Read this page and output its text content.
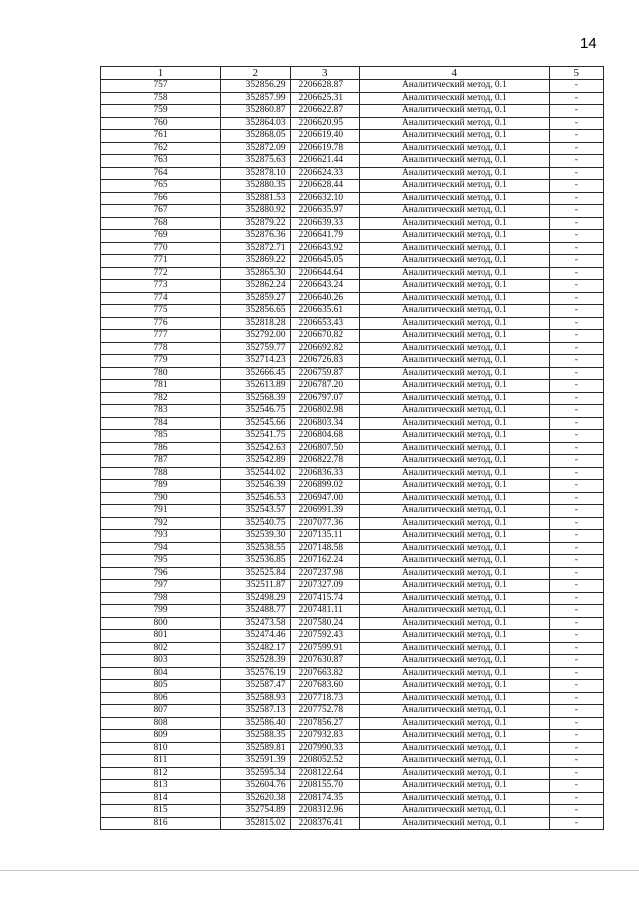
14
1	2	3	4	5
757	352856.29	2206628.87	Аналитический метод, 0.1	-
758	352857.99	2206625.31	Аналитический метод, 0.1	-
759	352860.87	2206622.87	Аналитический метод, 0.1	-
760	352864.03	2206620.95	Аналитический метод, 0.1	-
761	352868.05	2206619.40	Аналитический метод, 0.1	-
762	352872.09	2206619.78	Аналитический метод, 0.1	-
763	352875.63	2206621.44	Аналитический метод, 0.1	-
764	352878.10	2206624.33	Аналитический метод, 0.1	-
765	352880.35	2206628.44	Аналитический метод, 0.1	-
766	352881.53	2206632.10	Аналитический метод, 0.1	-
767	352880.92	2206635.97	Аналитический метод, 0.1	-
768	352879.22	2206639.33	Аналитический метод, 0.1	-
769	352876.36	2206641.79	Аналитический метод, 0.1	-
770	352872.71	2206643.92	Аналитический метод, 0.1	-
771	352869.22	2206645.05	Аналитический метод, 0.1	-
772	352865.30	2206644.64	Аналитический метод, 0.1	-
773	352862.24	2206643.24	Аналитический метод, 0.1	-
774	352859.27	2206640.26	Аналитический метод, 0.1	-
775	352856.65	2206635.61	Аналитический метод, 0.1	-
776	352818.28	2206653.43	Аналитический метод, 0.1	-
777	352792.00	2206670.82	Аналитический метод, 0.1	-
778	352759.77	2206692.82	Аналитический метод, 0.1	-
779	352714.23	2206726.83	Аналитический метод, 0.1	-
780	352666.45	2206759.87	Аналитический метод, 0.1	-
781	352613.89	2206787.20	Аналитический метод, 0.1	-
782	352568.39	2206797.07	Аналитический метод, 0.1	-
783	352546.75	2206802.98	Аналитический метод, 0.1	-
784	352545.66	2206803.34	Аналитический метод, 0.1	-
785	352541.75	2206804.68	Аналитический метод, 0.1	-
786	352542.63	2206807.50	Аналитический метод, 0.1	-
787	352542.89	2206822.78	Аналитический метод, 0.1	-
788	352544.02	2206836.33	Аналитический метод, 0.1	-
789	352546.39	2206899.02	Аналитический метод, 0.1	-
790	352546.53	2206947.00	Аналитический метод, 0.1	-
791	352543.57	2206991.39	Аналитический метод, 0.1	-
792	352540.75	2207077.36	Аналитический метод, 0.1	-
793	352539.30	2207135.11	Аналитический метод, 0.1	-
794	352538.55	2207148.58	Аналитический метод, 0.1	-
795	352536.85	2207162.24	Аналитический метод, 0.1	-
796	352525.84	2207237.98	Аналитический метод, 0.1	-
797	352511.87	2207327.09	Аналитический метод, 0.1	-
798	352498.29	2207415.74	Аналитический метод, 0.1	-
799	352488.77	2207481.11	Аналитический метод, 0.1	-
800	352473.58	2207580.24	Аналитический метод, 0.1	-
801	352474.46	2207592.43	Аналитический метод, 0.1	-
802	352482.17	2207599.91	Аналитический метод, 0.1	-
803	352528.39	2207630.87	Аналитический метод, 0.1	-
804	352576.19	2207663.82	Аналитический метод, 0.1	-
805	352587.47	2207683.60	Аналитический метод, 0.1	-
806	352588.93	2207718.73	Аналитический метод, 0.1	-
807	352587.13	2207752.78	Аналитический метод, 0.1	-
808	352586.40	2207856.27	Аналитический метод, 0.1	-
809	352588.35	2207932.83	Аналитический метод, 0.1	-
810	352589.81	2207990.33	Аналитический метод, 0.1	-
811	352591.39	2208052.52	Аналитический метод, 0.1	-
812	352595.34	2208122.64	Аналитический метод, 0.1	-
813	352604.76	2208155.70	Аналитический метод, 0.1	-
814	352620.38	2208174.35	Аналитический метод, 0.1	-
815	352754.89	2208312.96	Аналитический метод, 0.1	-
816	352815.02	2208376.41	Аналитический метод, 0.1	-
